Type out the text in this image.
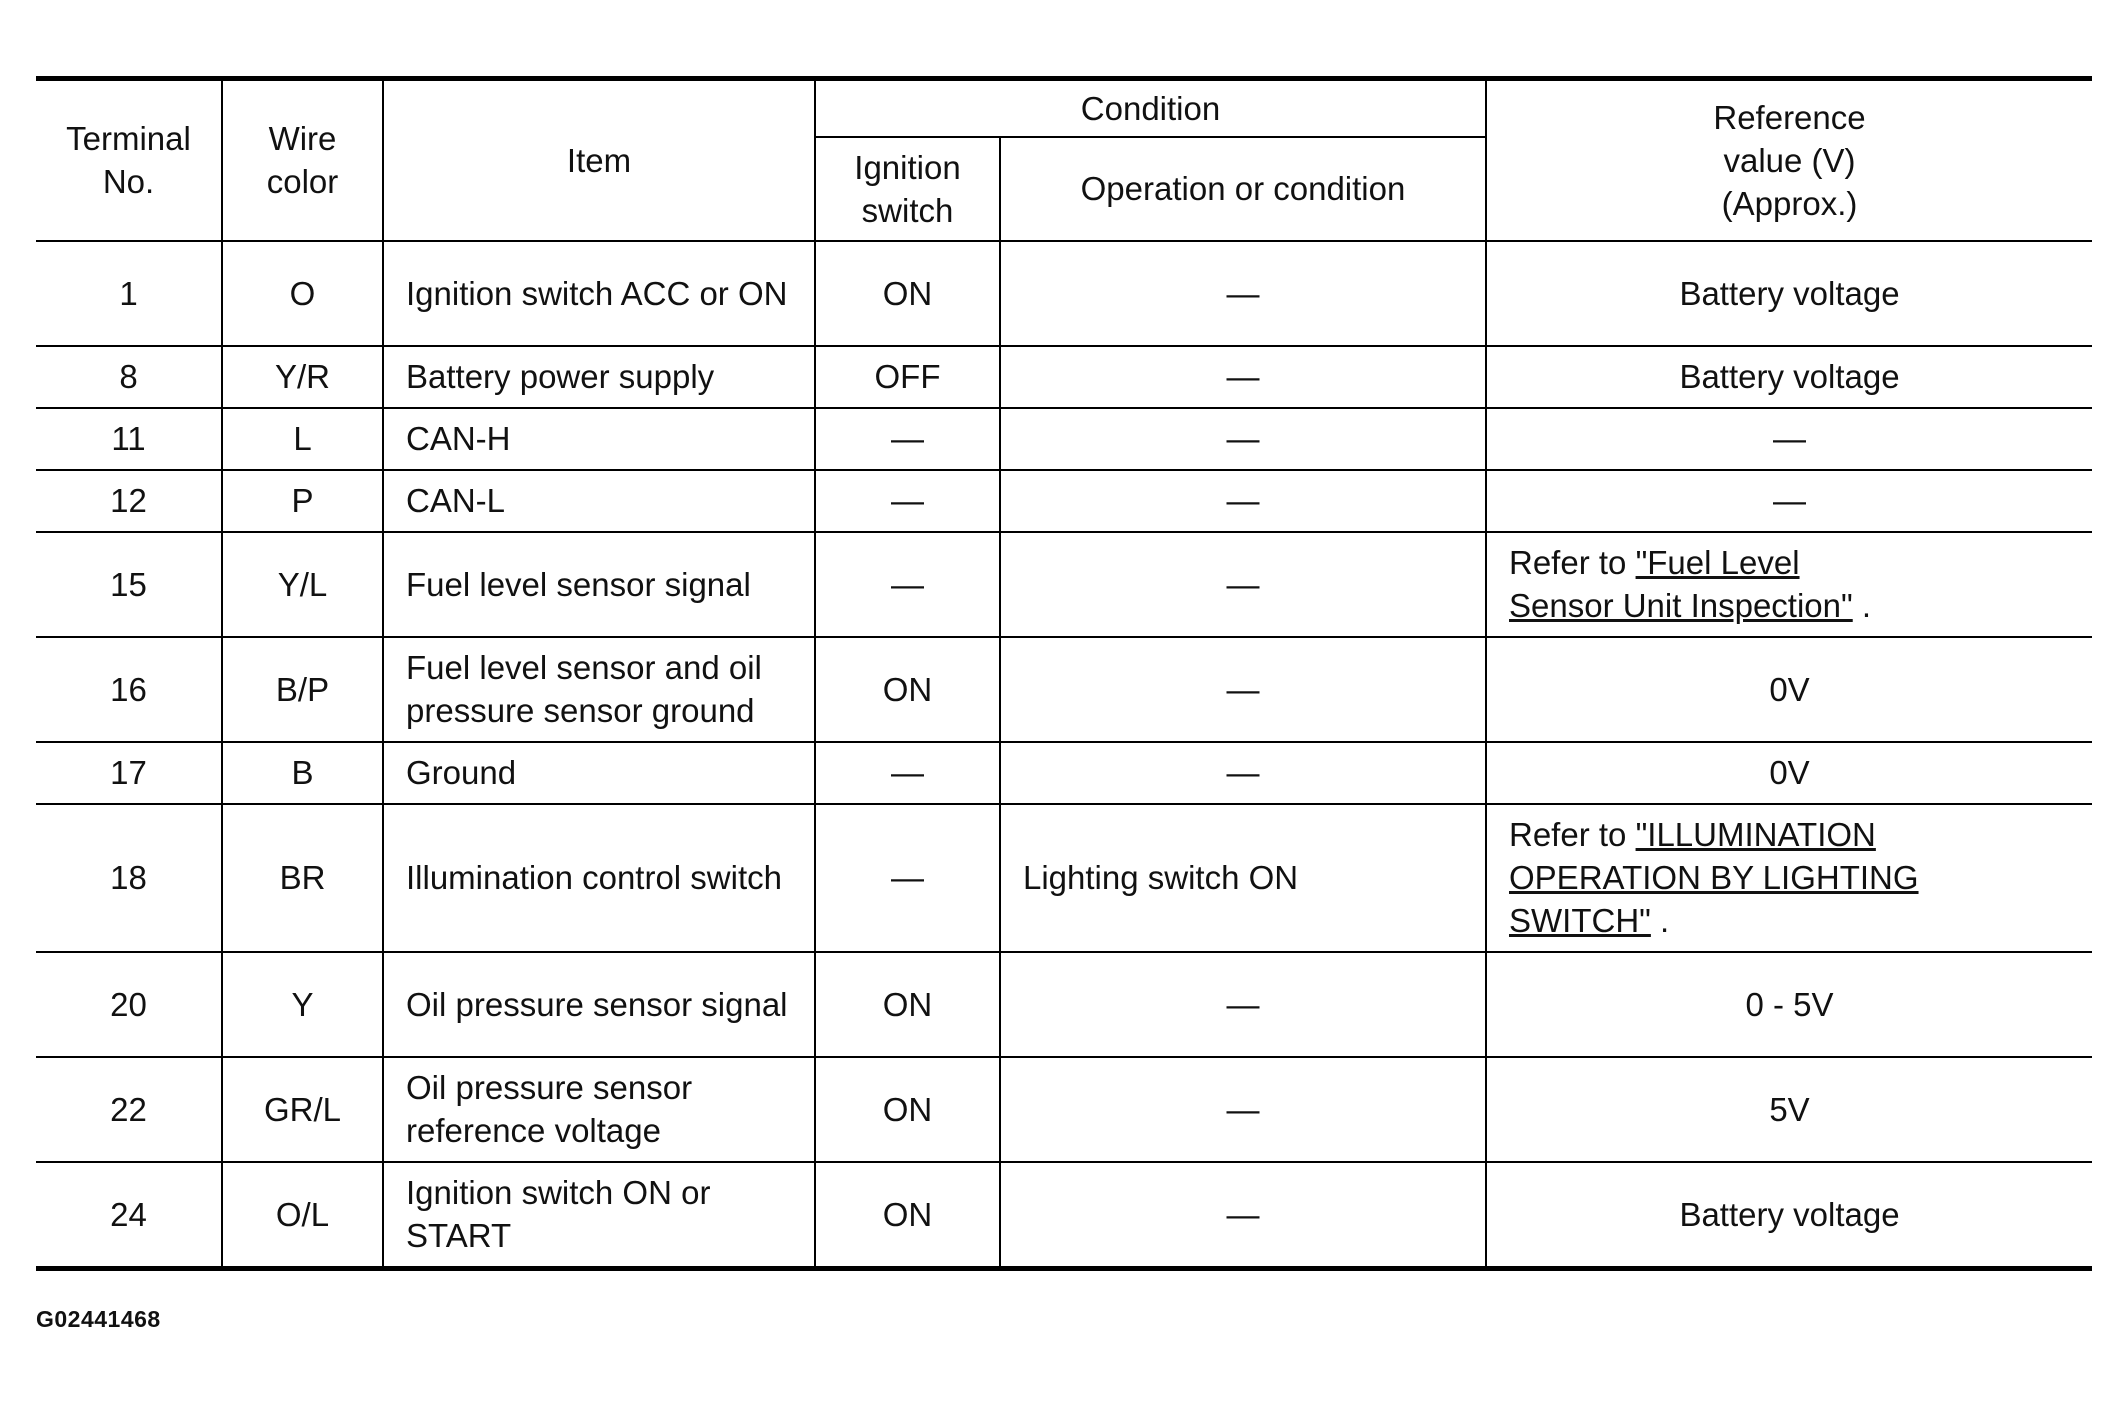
Terminal No.	Wire color	Item	Condition		Reference value (V) (Approx.)
			Ignition switch	Operation or condition	
1	O	Ignition switch ACC or ON	ON	—	Battery voltage
8	Y/R	Battery power supply	OFF	—	Battery voltage
11	L	CAN-H	—	—	—
12	P	CAN-L	—	—	—
15	Y/L	Fuel level sensor signal	—	—	Refer to "Fuel Level Sensor Unit Inspection" .
16	B/P	Fuel level sensor and oil pressure sensor ground	ON	—	0V
17	B	Ground	—	—	0V
18	BR	Illumination control switch	—	Lighting switch ON	Refer to "ILLUMINATION OPERATION BY LIGHTING SWITCH" .
20	Y	Oil pressure sensor signal	ON	—	0 - 5V
22	GR/L	Oil pressure sensor reference voltage	ON	—	5V
24	O/L	Ignition switch ON or START	ON	—	Battery voltage
G02441468
